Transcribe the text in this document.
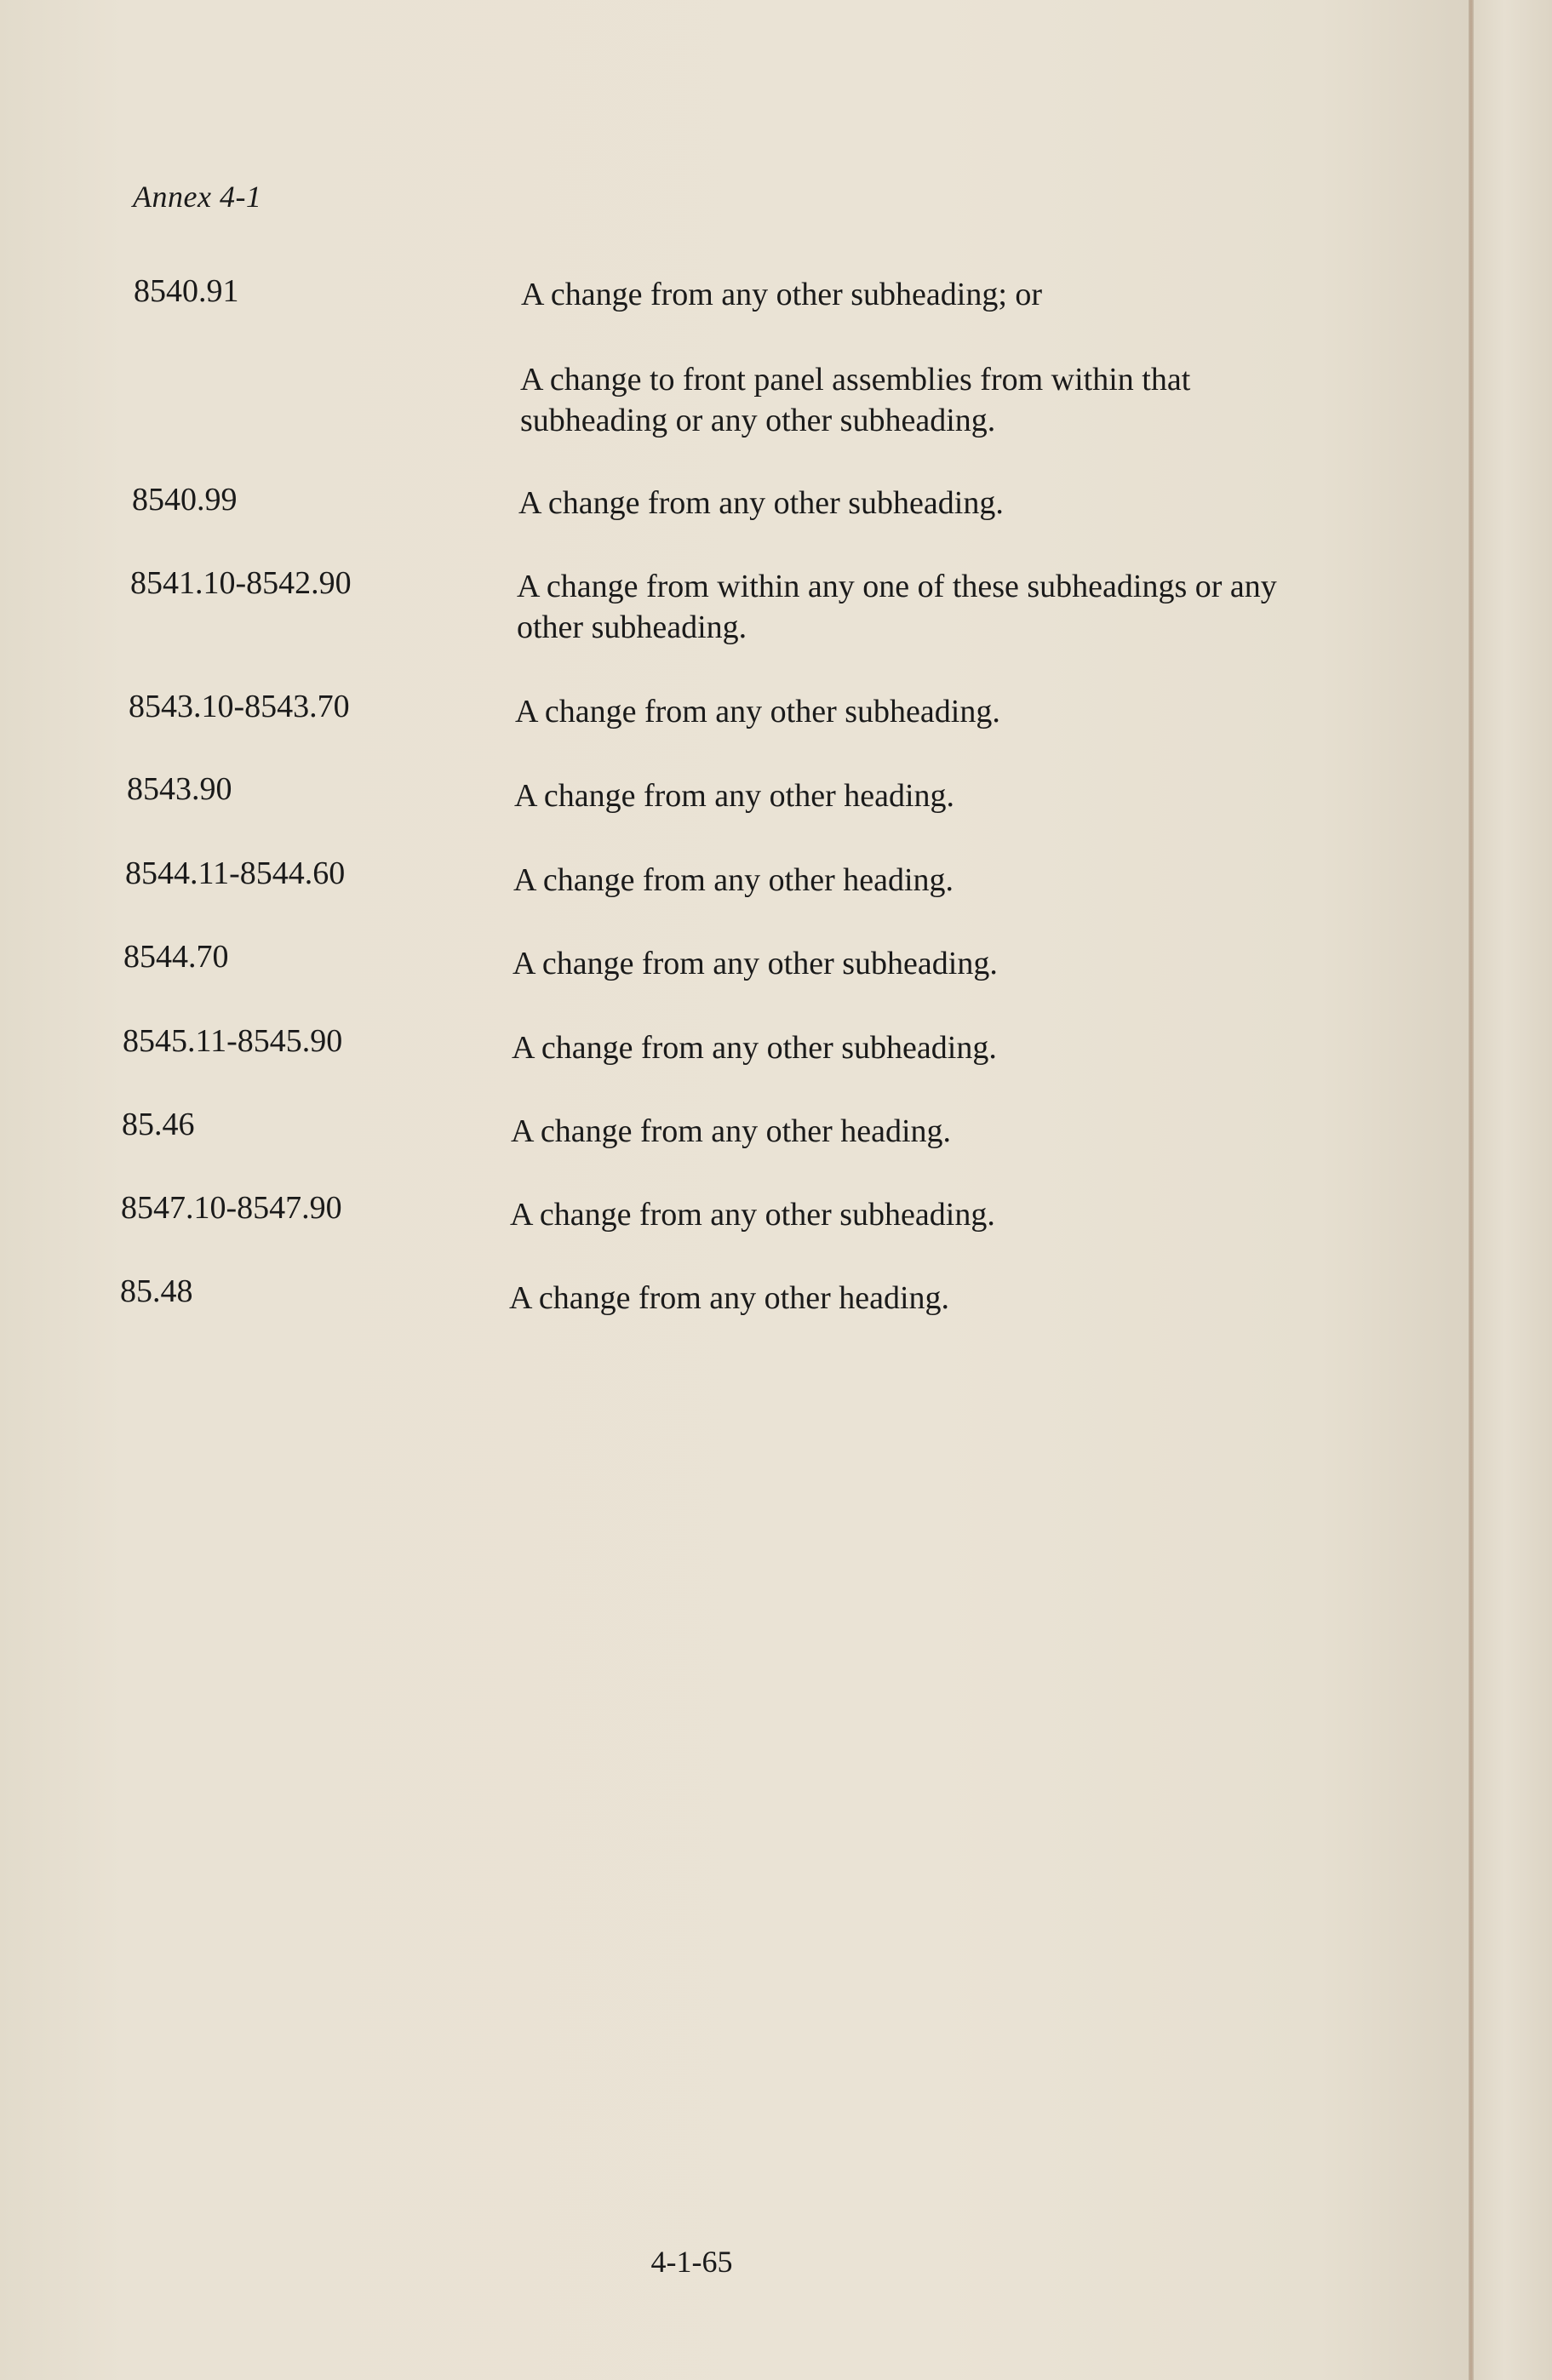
Annex 4-1
8540.91	A change from any other subheading; or
A change to front panel assemblies from within that subheading or any other subheading.
8540.99	A change from any other subheading.
8541.10-8542.90	A change from within any one of these subheadings or any other subheading.
8543.10-8543.70	A change from any other subheading.
8543.90	A change from any other heading.
8544.11-8544.60	A change from any other heading.
8544.70	A change from any other subheading.
8545.11-8545.90	A change from any other subheading.
85.46	A change from any other heading.
8547.10-8547.90	A change from any other subheading.
85.48	A change from any other heading.
4-1-65
